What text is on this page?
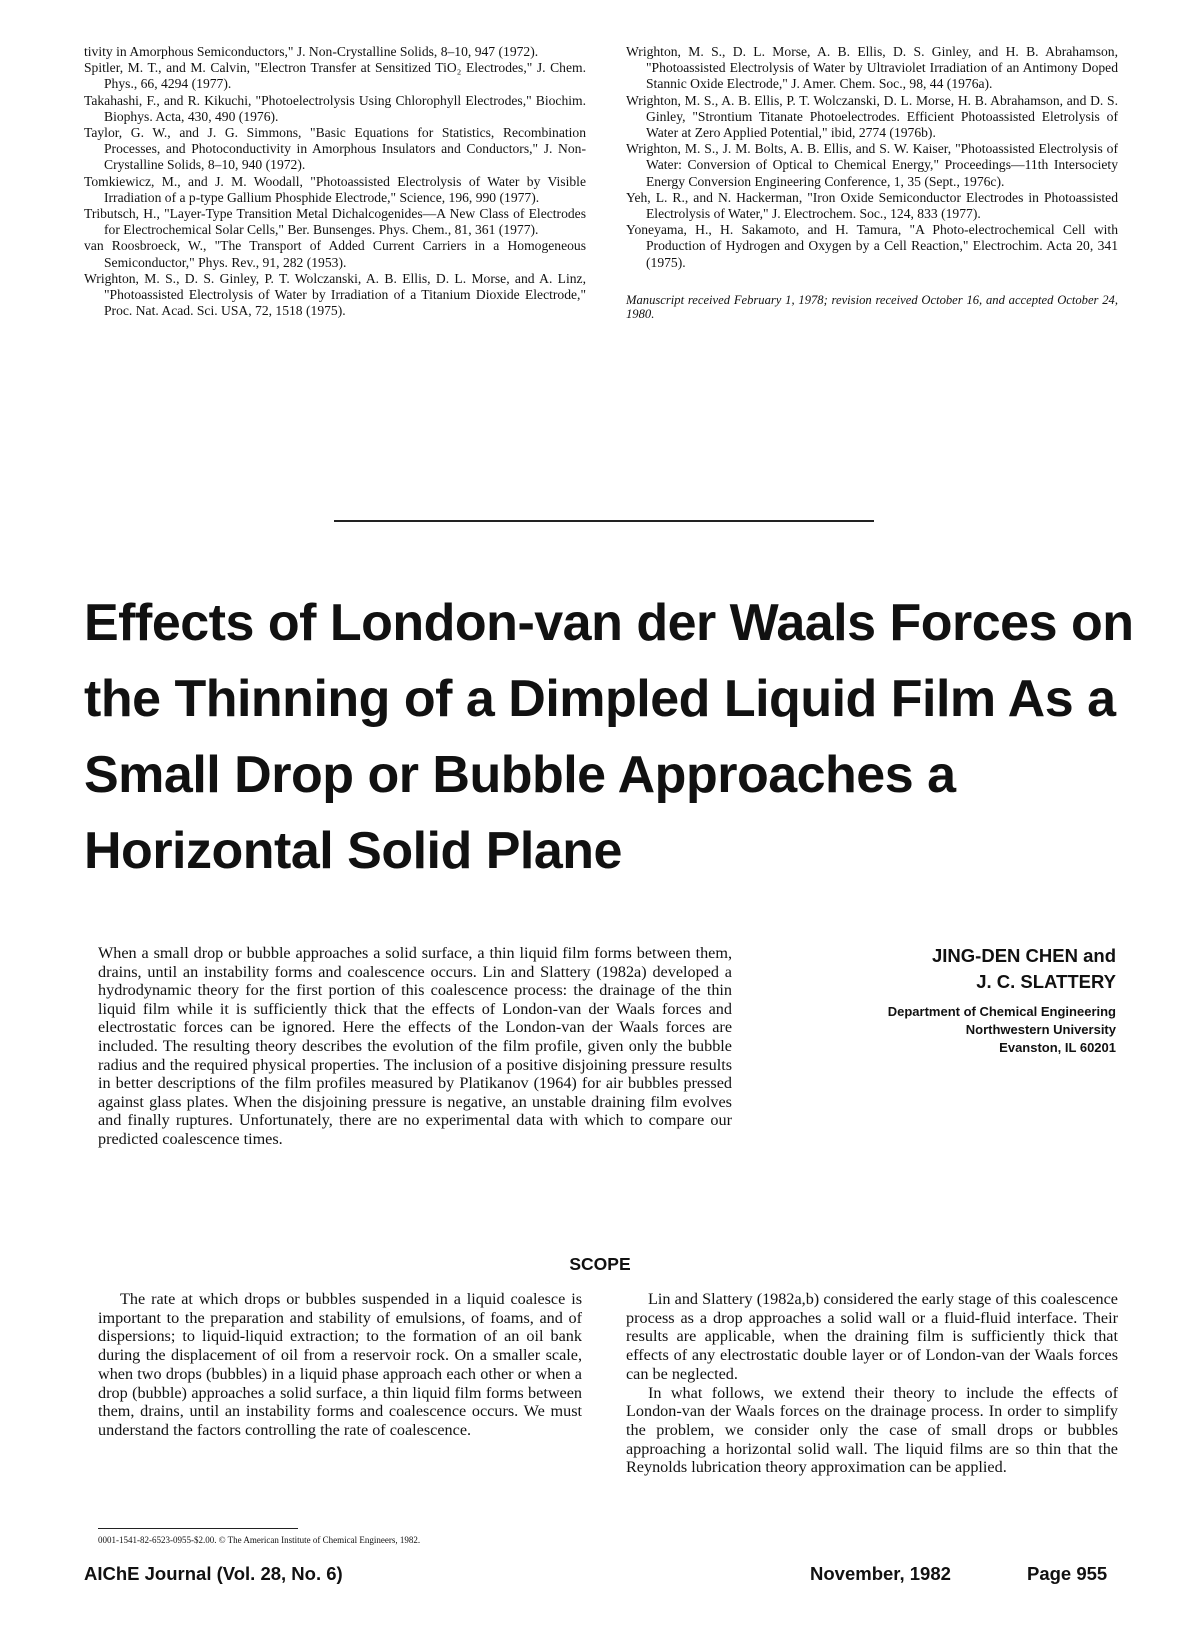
tivity in Amorphous Semiconductors," J. Non-Crystalline Solids, 8–10, 947 (1972).

Spitler, M. T., and M. Calvin, "Electron Transfer at Sensitized TiO₂ Electrodes," J. Chem. Phys., 66, 4294 (1977).

Takahashi, F., and R. Kikuchi, "Photoelectrolysis Using Chlorophyll Electrodes," Biochim. Biophys. Acta, 430, 490 (1976).

Taylor, G. W., and J. G. Simmons, "Basic Equations for Statistics, Recombination Processes, and Photoconductivity in Amorphous Insulators and Conductors," J. Non-Crystalline Solids, 8–10, 940 (1972).

Tomkiewicz, M., and J. M. Woodall, "Photoassisted Electrolysis of Water by Visible Irradiation of a p-type Gallium Phosphide Electrode," Science, 196, 990 (1977).

Tributsch, H., "Layer-Type Transition Metal Dichalcogenides—A New Class of Electrodes for Electrochemical Solar Cells," Ber. Bunsenges. Phys. Chem., 81, 361 (1977).

van Roosbroeck, W., "The Transport of Added Current Carriers in a Homogeneous Semiconductor," Phys. Rev., 91, 282 (1953).

Wrighton, M. S., D. S. Ginley, P. T. Wolczanski, A. B. Ellis, D. L. Morse, and A. Linz, "Photoassisted Electrolysis of Water by Irradiation of a Titanium Dioxide Electrode," Proc. Nat. Acad. Sci. USA, 72, 1518 (1975).

Wrighton, M. S., D. L. Morse, A. B. Ellis, D. S. Ginley, and H. B. Abrahamson, "Photoassisted Electrolysis of Water by Ultraviolet Irradiation of an Antimony Doped Stannic Oxide Electrode," J. Amer. Chem. Soc., 98, 44 (1976a).

Wrighton, M. S., A. B. Ellis, P. T. Wolczanski, D. L. Morse, H. B. Abrahamson, and D. S. Ginley, "Strontium Titanate Photoelectrodes. Efficient Photoassisted Eletrolysis of Water at Zero Applied Potential," ibid, 2774 (1976b).

Wrighton, M. S., J. M. Bolts, A. B. Ellis, and S. W. Kaiser, "Photoassisted Electrolysis of Water: Conversion of Optical to Chemical Energy," Proceedings—11th Intersociety Energy Conversion Engineering Conference, 1, 35 (Sept., 1976c).

Yeh, L. R., and N. Hackerman, "Iron Oxide Semiconductor Electrodes in Photoassisted Electrolysis of Water," J. Electrochem. Soc., 124, 833 (1977).

Yoneyama, H., H. Sakamoto, and H. Tamura, "A Photo-electrochemical Cell with Production of Hydrogen and Oxygen by a Cell Reaction," Electrochim. Acta 20, 341 (1975).

Manuscript received February 1, 1978; revision received October 16, and accepted October 24, 1980.

Effects of London-van der Waals Forces on the Thinning of a Dimpled Liquid Film As a Small Drop or Bubble Approaches a Horizontal Solid Plane

When a small drop or bubble approaches a solid surface, a thin liquid film forms between them, drains, until an instability forms and coalescence occurs. Lin and Slattery (1982a) developed a hydrodynamic theory for the first portion of this coalescence process: the drainage of the thin liquid film while it is sufficiently thick that the effects of London-van der Waals forces and electrostatic forces can be ignored. Here the effects of the London-van der Waals forces are included. The resulting theory describes the evolution of the film profile, given only the bubble radius and the required physical properties. The inclusion of a positive disjoining pressure results in better descriptions of the film profiles measured by Platikanov (1964) for air bubbles pressed against glass plates. When the disjoining pressure is negative, an unstable draining film evolves and finally ruptures. Unfortunately, there are no experimental data with which to compare our predicted coalescence times.

JING-DEN CHEN and
J. C. SLATTERY
Department of Chemical Engineering
Northwestern University
Evanston, IL 60201
SCOPE

The rate at which drops or bubbles suspended in a liquid coalesce is important to the preparation and stability of emulsions, of foams, and of dispersions; to liquid-liquid extraction; to the formation of an oil bank during the displacement of oil from a reservoir rock. On a smaller scale, when two drops (bubbles) in a liquid phase approach each other or when a drop (bubble) approaches a solid surface, a thin liquid film forms between them, drains, until an instability forms and coalescence occurs. We must understand the factors controlling the rate of coalescence.

Lin and Slattery (1982a,b) considered the early stage of this coalescence process as a drop approaches a solid wall or a fluid-fluid interface. Their results are applicable, when the draining film is sufficiently thick that effects of any electrostatic double layer or of London-van der Waals forces can be neglected.

In what follows, we extend their theory to include the effects of London-van der Waals forces on the drainage process. In order to simplify the problem, we consider only the case of small drops or bubbles approaching a horizontal solid wall. The liquid films are so thin that the Reynolds lubrication theory approximation can be applied.

0001-1541-82-6523-0955-$2.00. © The American Institute of Chemical Engineers, 1982.

AIChE Journal (Vol. 28, No. 6)	November, 1982	Page 955
